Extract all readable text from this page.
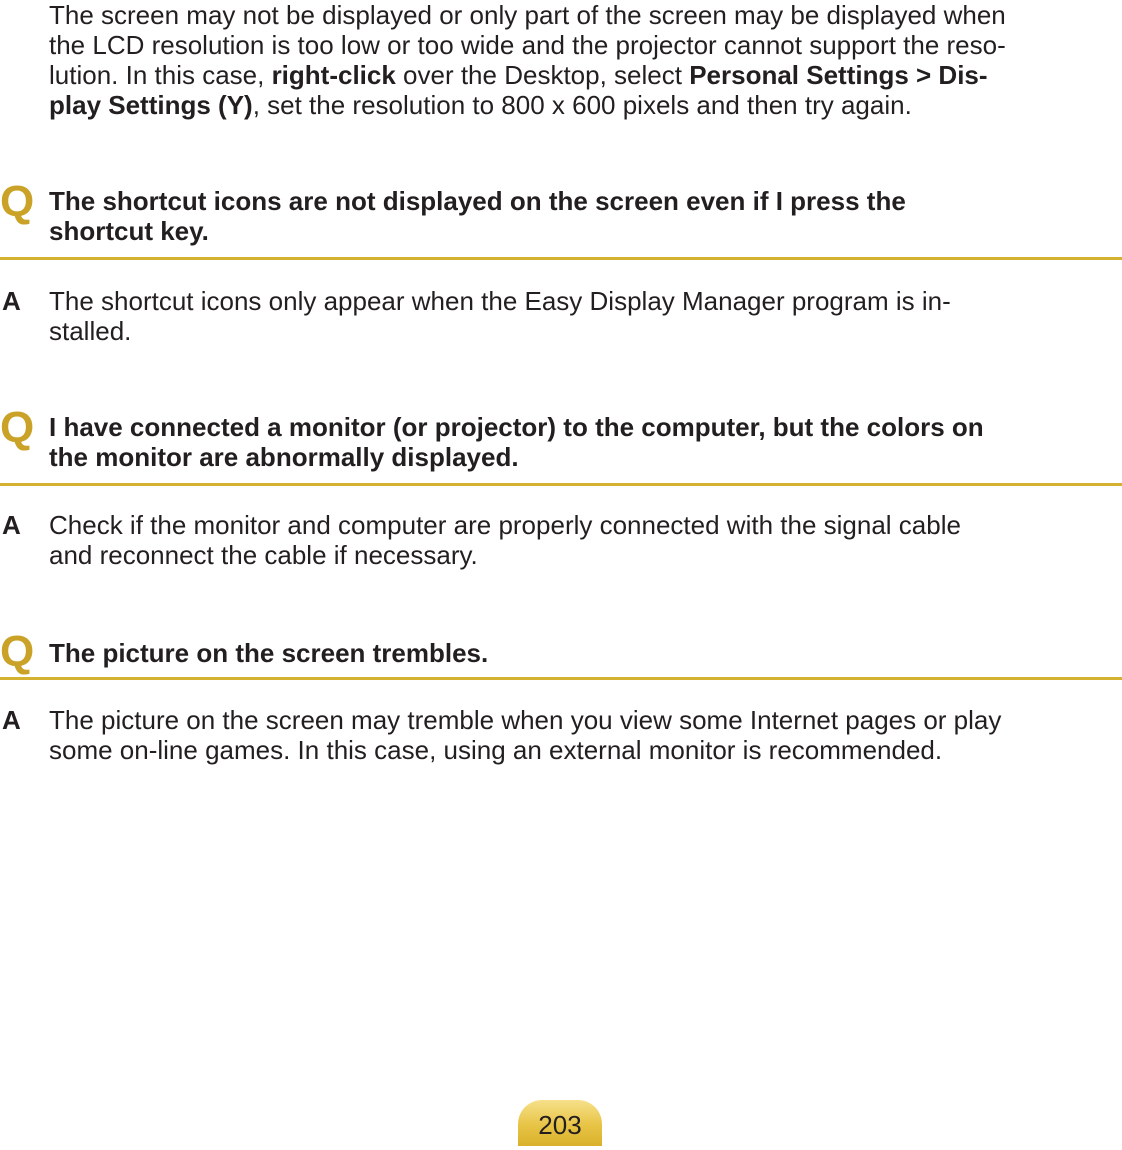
The screen may not be displayed or only part of the screen may be displayed when
the LCD resolution is too low or too wide and the projector cannot support the reso-
lution. In this case, right-click over the Desktop, select Personal Settings > Dis-
play Settings (Y), set the resolution to 800 x 600 pixels and then try again.
Q The shortcut icons are not displayed on the screen even if I press the
shortcut key.
A The shortcut icons only appear when the Easy Display Manager program is in-
stalled.
Q I have connected a monitor (or projector) to the computer, but the colors on
the monitor are abnormally displayed.
A Check if the monitor and computer are properly connected with the signal cable
and reconnect the cable if necessary.
Q The picture on the screen trembles.
A The picture on the screen may tremble when you view some Internet pages or play
some on-line games. In this case, using an external monitor is recommended.
203
